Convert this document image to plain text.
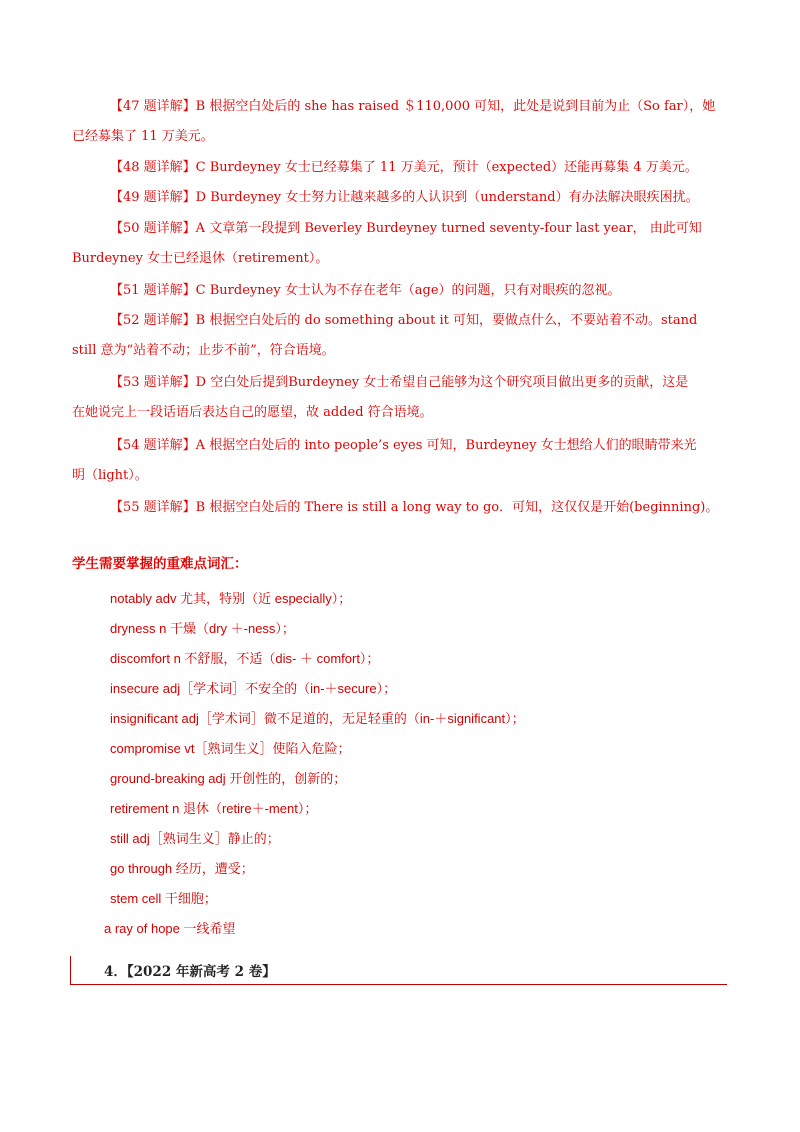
【47 题详解】B 根据空白处后的 she has raised ＄110,000 可知，此处是说到目前为止（So far），她
已经募集了 11 万美元。
【48 题详解】C Burdeyney 女士已经募集了 11 万美元，预计（expected）还能再募集 4 万美元。
【49 题详解】D Burdeyney 女士努力让越来越多的人认识到（understand）有办法解决眼疾困扰。
【50 题详解】A 文章第一段提到 Beverley Burdeyney turned seventy-four last year， 由此可知
Burdeyney 女士已经退休（retirement）。
【51 题详解】C Burdeyney 女士认为不存在老年（age）的问题，只有对眼疾的忽视。
【52 题详解】B 根据空白处后的 do something about it 可知，要做点什么，不要站着不动。stand
still 意为“站着不动；止步不前”，符合语境。
【53 题详解】D 空白处后提到Burdeyney 女士希望自己能够为这个研究项目做出更多的贡献，这是
在她说完上一段话语后表达自己的愿望，故 added 符合语境。
【54 题详解】A 根据空白处后的 into people’s eyes 可知，Burdeyney 女士想给人们的眼睛带来光
明（light）。
【55 题详解】B 根据空白处后的 There is still a long way to go．可知，这仅仅是开始(beginning)。
学生需要掌握的重难点词汇：
notably adv 尤其，特别（近 especially）；
dryness n 干燥（dry ＋-ness）；
discomfort n 不舒服，不适（dis- ＋ comfort）；
insecure adj［学术词］不安全的（in-＋secure）；
insignificant adj［学术词］微不足道的，无足轻重的（in-＋significant）；
compromise vt［熟词生义］使陷入危险；
ground-breaking adj 开创性的，创新的；
retirement n 退休（retire＋-ment）；
still adj［熟词生义］静止的；
go through 经历，遭受；
stem cell 干细胞；
a ray of hope 一线希望
4．【2022 年新高考 2 卷】
